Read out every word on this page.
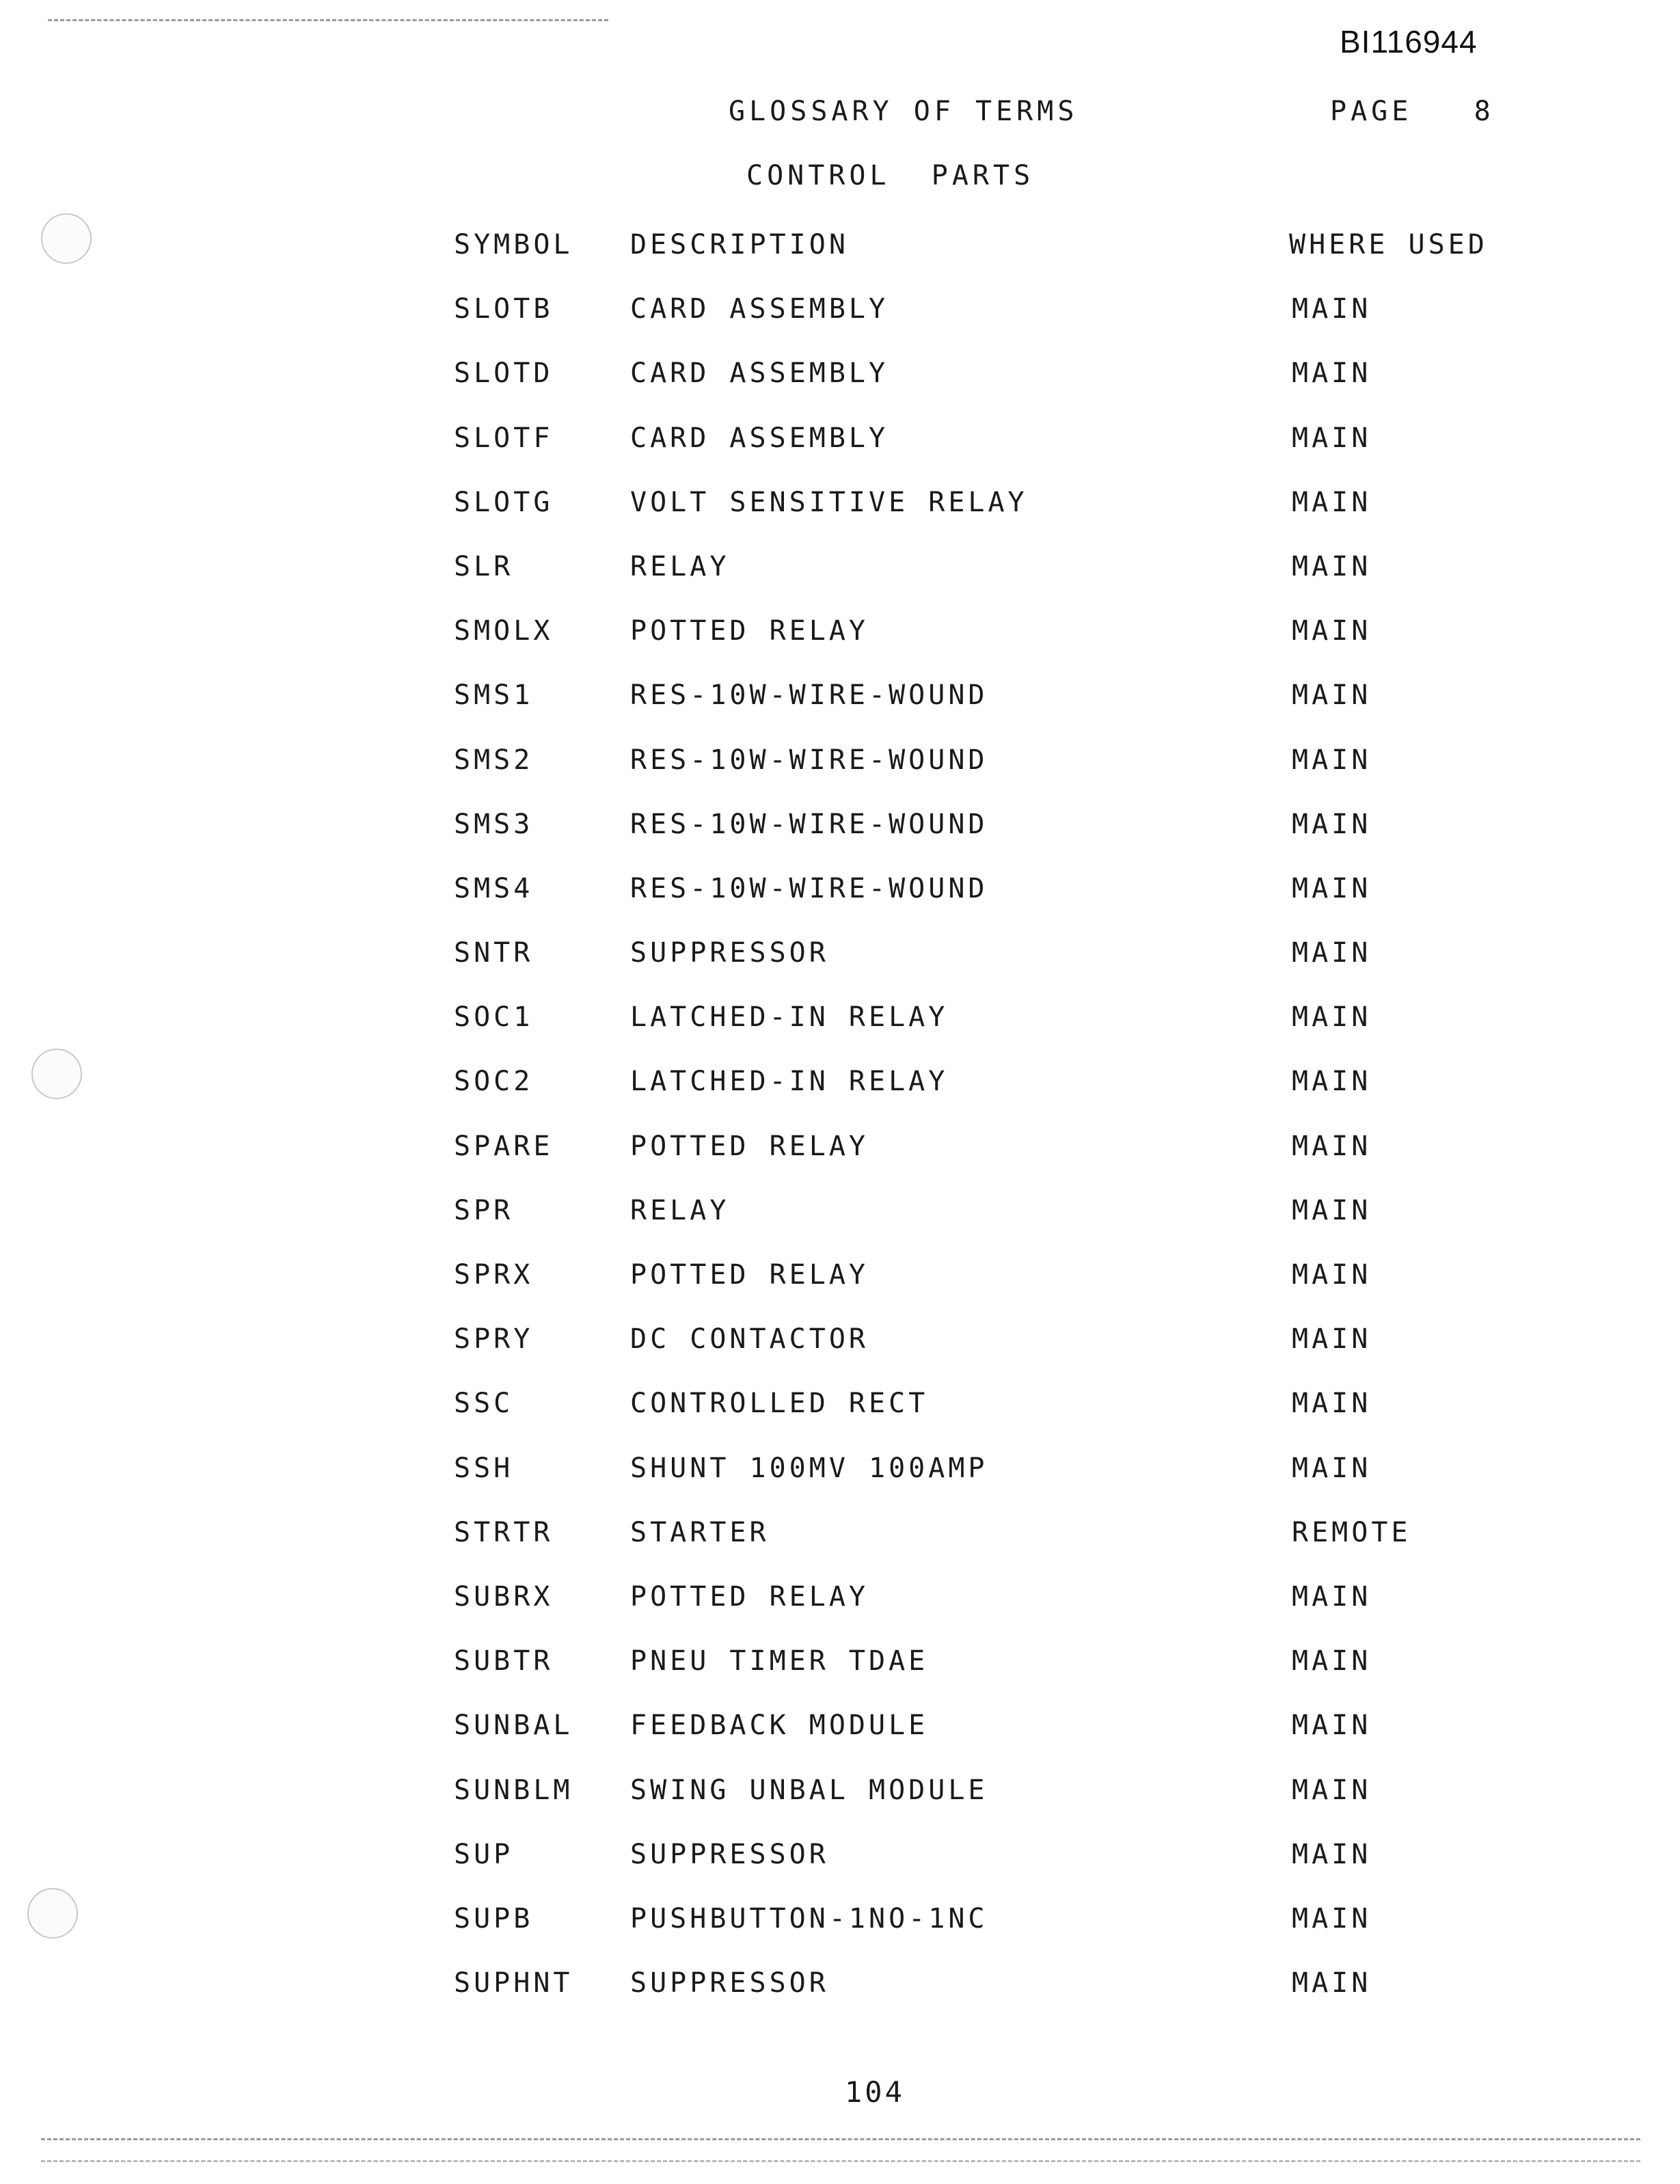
BI116944
GLOSSARY OF TERMS	PAGE   8
CONTROL  PARTS
SYMBOL DESCRIPTION	WHERE USED
SLOTB	CARD ASSEMBLY	MAIN
SLOTD	CARD ASSEMBLY	MAIN
SLOTF	CARD ASSEMBLY	MAIN
SLOTG	VOLT SENSITIVE RELAY	MAIN
SLR	RELAY	MAIN
SMOLX	POTTED RELAY	MAIN
SMS1	RES-10W-WIRE-WOUND	MAIN
SMS2	RES-10W-WIRE-WOUND	MAIN
SMS3	RES-10W-WIRE-WOUND	MAIN
SMS4	RES-10W-WIRE-WOUND	MAIN
SNTR	SUPPRESSOR	MAIN
SOC1	LATCHED-IN RELAY	MAIN
SOC2	LATCHED-IN RELAY	MAIN
SPARE	POTTED RELAY	MAIN
SPR	RELAY	MAIN
SPRX	POTTED RELAY	MAIN
SPRY	DC CONTACTOR	MAIN
SSC	CONTROLLED RECT	MAIN
SSH	SHUNT 100MV 100AMP	MAIN
STRTR	STARTER	REMOTE
SUBRX	POTTED RELAY	MAIN
SUBTR	PNEU TIMER TDAE	MAIN
SUNBAL FEEDBACK MODULE	MAIN
SUNBLM SWING UNBAL MODULE	MAIN
SUP	SUPPRESSOR	MAIN
SUPB	PUSHBUTTON-1NO-1NC	MAIN
SUPHNT SUPPRESSOR	MAIN
104
